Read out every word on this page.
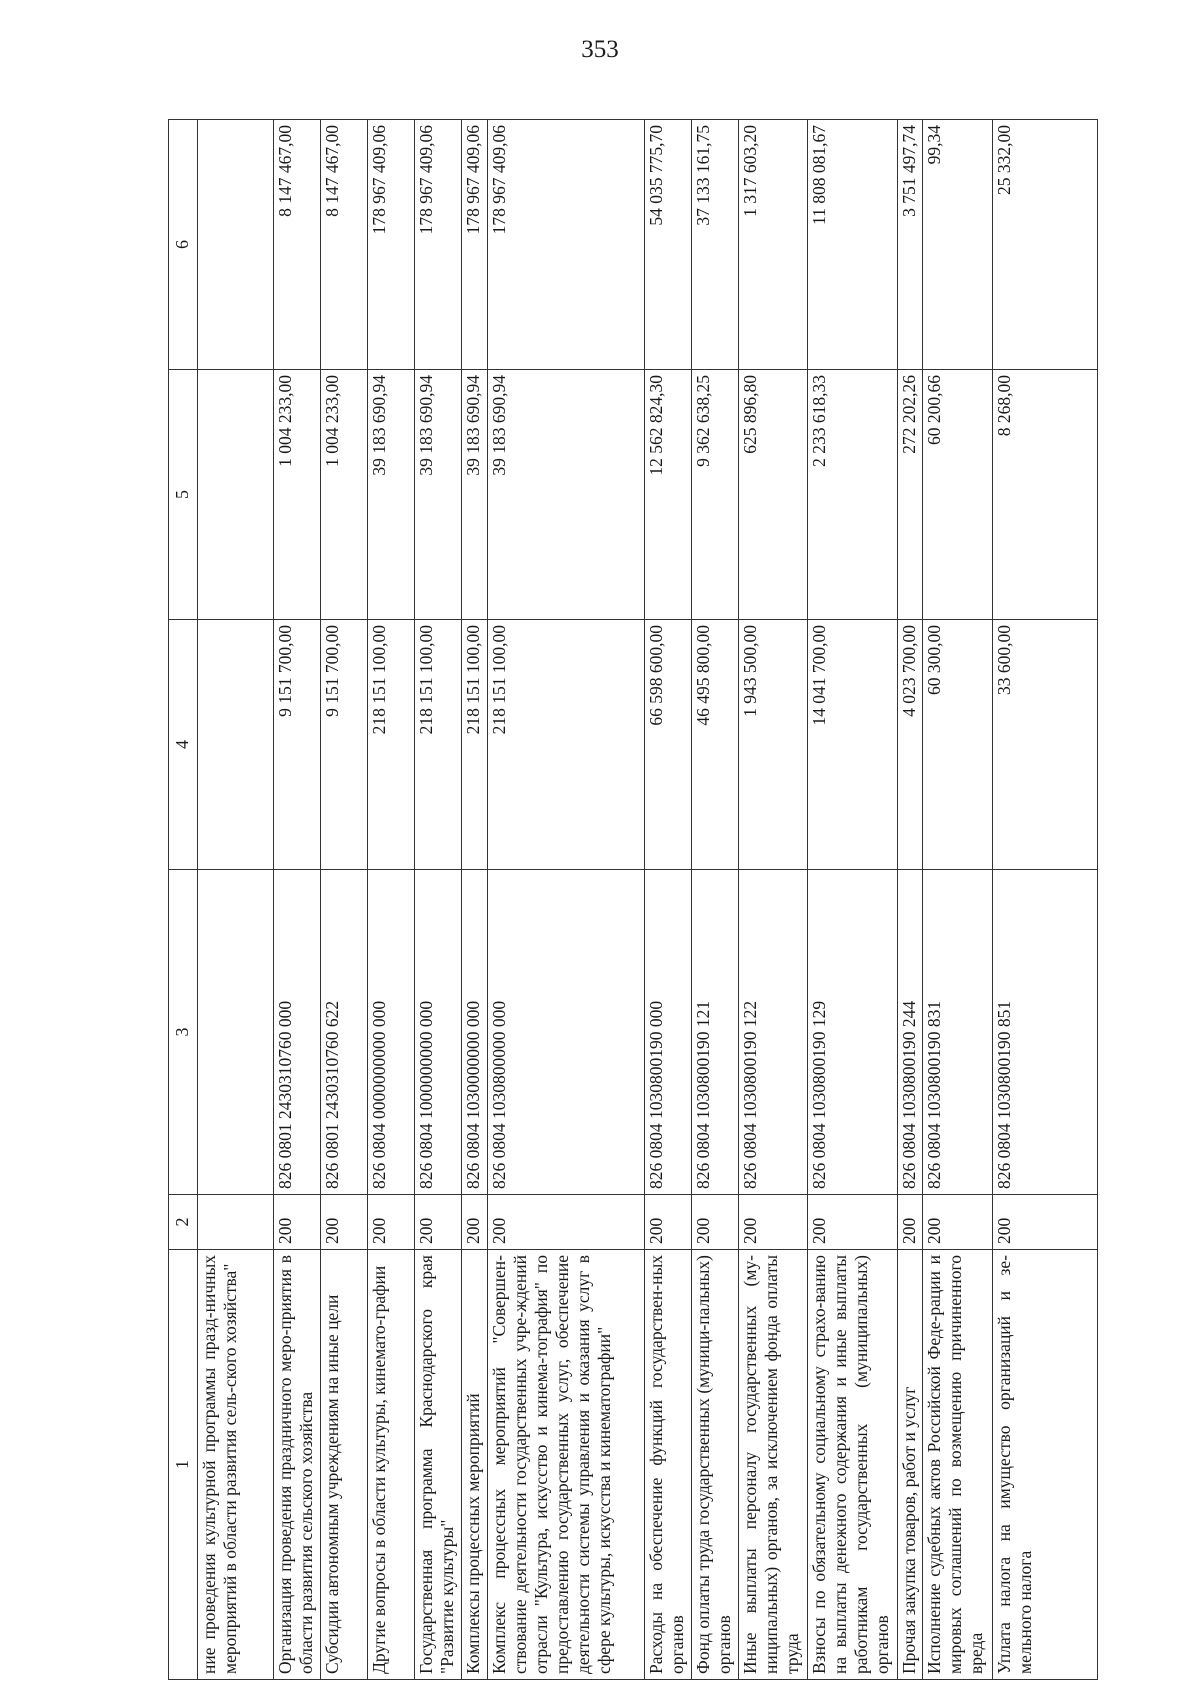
353
1	2	3	4	5	6
ние проведения культурной программы празд-ничных мероприятий в области развития сель-ского хозяйства"					
Организация проведения праздничного меро-приятия в области развития сельского хозяйства	200	826 0801 2430310760 000	9 151 700,00	1 004 233,00	8 147 467,00
Субсидии автономным учреждениям на иные цели	200	826 0801 2430310760 622	9 151 700,00	1 004 233,00	8 147 467,00
Другие вопросы в области культуры, кинемато-графии	200	826 0804 0000000000 000	218 151 100,00	39 183 690,94	178 967 409,06
Государственная программа Краснодарского края "Развитие культуры"	200	826 0804 1000000000 000	218 151 100,00	39 183 690,94	178 967 409,06
Комплексы процессных мероприятий	200	826 0804 1030000000 000	218 151 100,00	39 183 690,94	178 967 409,06
Комплекс процессных мероприятий "Совершен-ствование деятельности государственных учре-ждений отрасли "Культура, искусство и кинема-тография" по предоставлению государственных услуг, обеспечение деятельности системы управления и оказания услуг в сфере культуры, искусства и кинематографии"	200	826 0804 1030800000 000	218 151 100,00	39 183 690,94	178 967 409,06
Расходы на обеспечение функций государствен-ных органов	200	826 0804 1030800190 000	66 598 600,00	12 562 824,30	54 035 775,70
Фонд оплаты труда государственных (муници-пальных) органов	200	826 0804 1030800190 121	46 495 800,00	9 362 638,25	37 133 161,75
Иные выплаты персоналу государственных (му-ниципальных) органов, за исключением фонда оплаты труда	200	826 0804 1030800190 122	1 943 500,00	625 896,80	1 317 603,20
Взносы по обязательному социальному страхо-ванию на выплаты денежного содержания и иные выплаты работникам государственных (муниципальных) органов	200	826 0804 1030800190 129	14 041 700,00	2 233 618,33	11 808 081,67
Прочая закупка товаров, работ и услуг	200	826 0804 1030800190 244	4 023 700,00	272 202,26	3 751 497,74
Исполнение судебных актов Российской Феде-рации и мировых соглашений по возмещению причиненного вреда	200	826 0804 1030800190 831	60 300,00	60 200,66	99,34
Уплата налога на имущество организаций и зе-мельного налога	200	826 0804 1030800190 851	33 600,00	8 268,00	25 332,00
